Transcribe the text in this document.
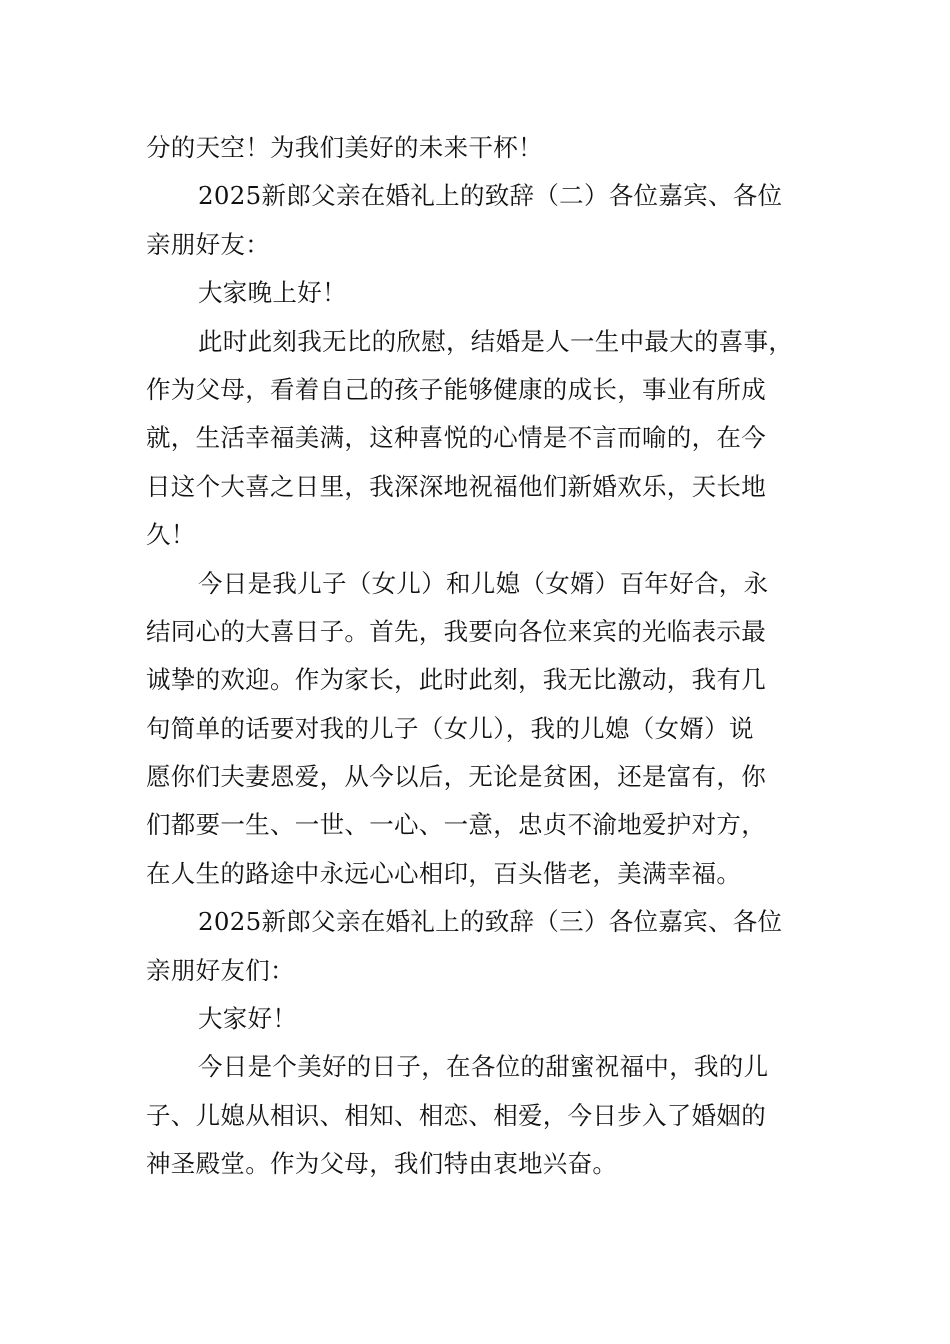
分的天空！为我们美好的未来干杯！
2025新郎父亲在婚礼上的致辞（二）各位嘉宾、各位
亲朋好友：
大家晚上好！
此时此刻我无比的欣慰，结婚是人一生中最大的喜事，
作为父母，看着自己的孩子能够健康的成长，事业有所成
就，生活幸福美满，这种喜悦的心情是不言而喻的，在今
日这个大喜之日里，我深深地祝福他们新婚欢乐，天长地
久！
今日是我儿子（女儿）和儿媳（女婿）百年好合，永
结同心的大喜日子。首先，我要向各位来宾的光临表示最
诚挚的欢迎。作为家长，此时此刻，我无比激动，我有几
句简单的话要对我的儿子（女儿），我的儿媳（女婿）说
愿你们夫妻恩爱，从今以后，无论是贫困，还是富有，你
们都要一生、一世、一心、一意，忠贞不渝地爱护对方，
在人生的路途中永远心心相印，百头偕老，美满幸福。
2025新郎父亲在婚礼上的致辞（三）各位嘉宾、各位
亲朋好友们：
大家好！
今日是个美好的日子，在各位的甜蜜祝福中，我的儿
子、儿媳从相识、相知、相恋、相爱，今日步入了婚姻的
神圣殿堂。作为父母，我们特由衷地兴奋。
